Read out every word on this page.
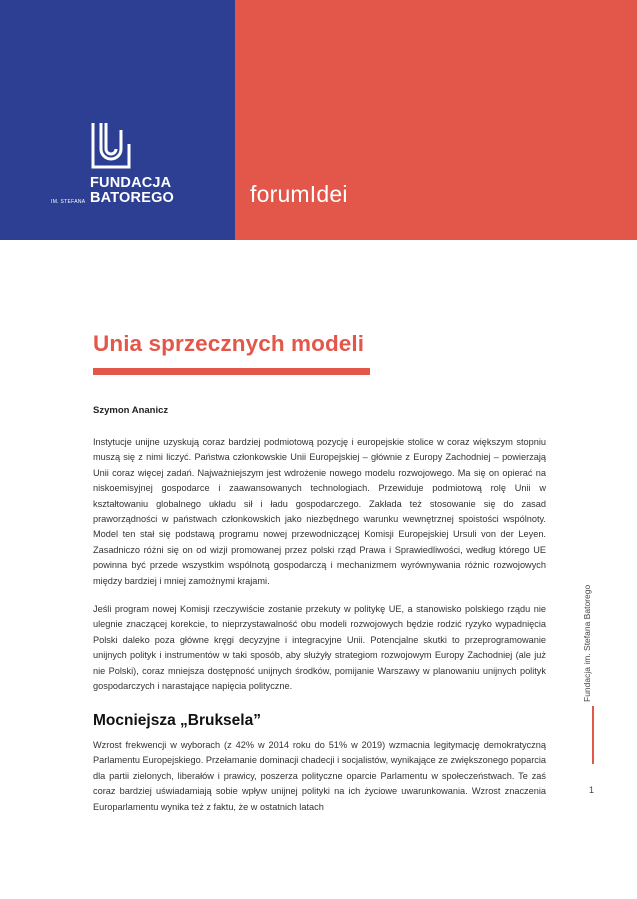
FUNDACJA
BATOREGO
IM. STEFANA	forumIdei
Unia sprzecznych modeli
Szymon Ananicz

Instytucje unijne uzyskują coraz bardziej podmiotową pozycję i europejskie stolice w coraz większym stopniu muszą się z nimi liczyć. Państwa członkowskie Unii Europejskiej – głównie z Europy Zachodniej – powierzają Unii coraz więcej zadań. Najważniejszym jest wdrożenie nowego modelu rozwojowego. Ma się on opierać na niskoemisyjnej gospodarce i zaawansowanych technologiach. Przewiduje podmiotową rolę Unii w kształtowaniu globalnego układu sił i ładu gospodarczego. Zakłada też stosowanie się do zasad praworządności w państwach członkowskich jako niezbędnego warunku wewnętrznej spoistości wspólnoty. Model ten stał się podstawą programu nowej przewodniczącej Komisji Europejskiej Ursuli von der Leyen. Zasadniczo różni się on od wizji promowanej przez polski rząd Prawa i Sprawiedliwości, według którego UE powinna być przede wszystkim wspólnotą gospodarczą i mechanizmem wyrównywania różnic rozwojowych między bardziej i mniej zamożnymi krajami.

Jeśli program nowej Komisji rzeczywiście zostanie przekuty w politykę UE, a stanowisko polskiego rządu nie ulegnie znaczącej korekcie, to nieprzystawalność obu modeli rozwojowych będzie rodzić ryzyko wypadnięcia Polski daleko poza główne kręgi decyzyjne i integracyjne Unii. Potencjalne skutki to przeprogramowanie unijnych polityk i instrumentów w taki sposób, aby służyły strategiom rozwojowym Europy Zachodniej (ale już nie Polski), coraz mniejsza dostępność unijnych środków, pomijanie Warszawy w planowaniu unijnych polityk gospodarczych i narastające napięcia polityczne.

Mocniejsza „Bruksela”

Wzrost frekwencji w wyborach (z 42% w 2014 roku do 51% w 2019) wzmacnia legitymację demokratyczną Parlamentu Europejskiego. Przełamanie dominacji chadecji i socjalistów, wynikające ze zwiększonego poparcia dla partii zielonych, liberałów i prawicy, poszerza polityczne oparcie Parlamentu w społeczeństwach. Te zaś coraz bardziej uświadamiają sobie wpływ unijnej polityki na ich życiowe uwarunkowania. Wzrost znaczenia Europarlamentu wynika też z faktu, że w ostatnich latach

Fundacja im. Stefana Batorego
1
